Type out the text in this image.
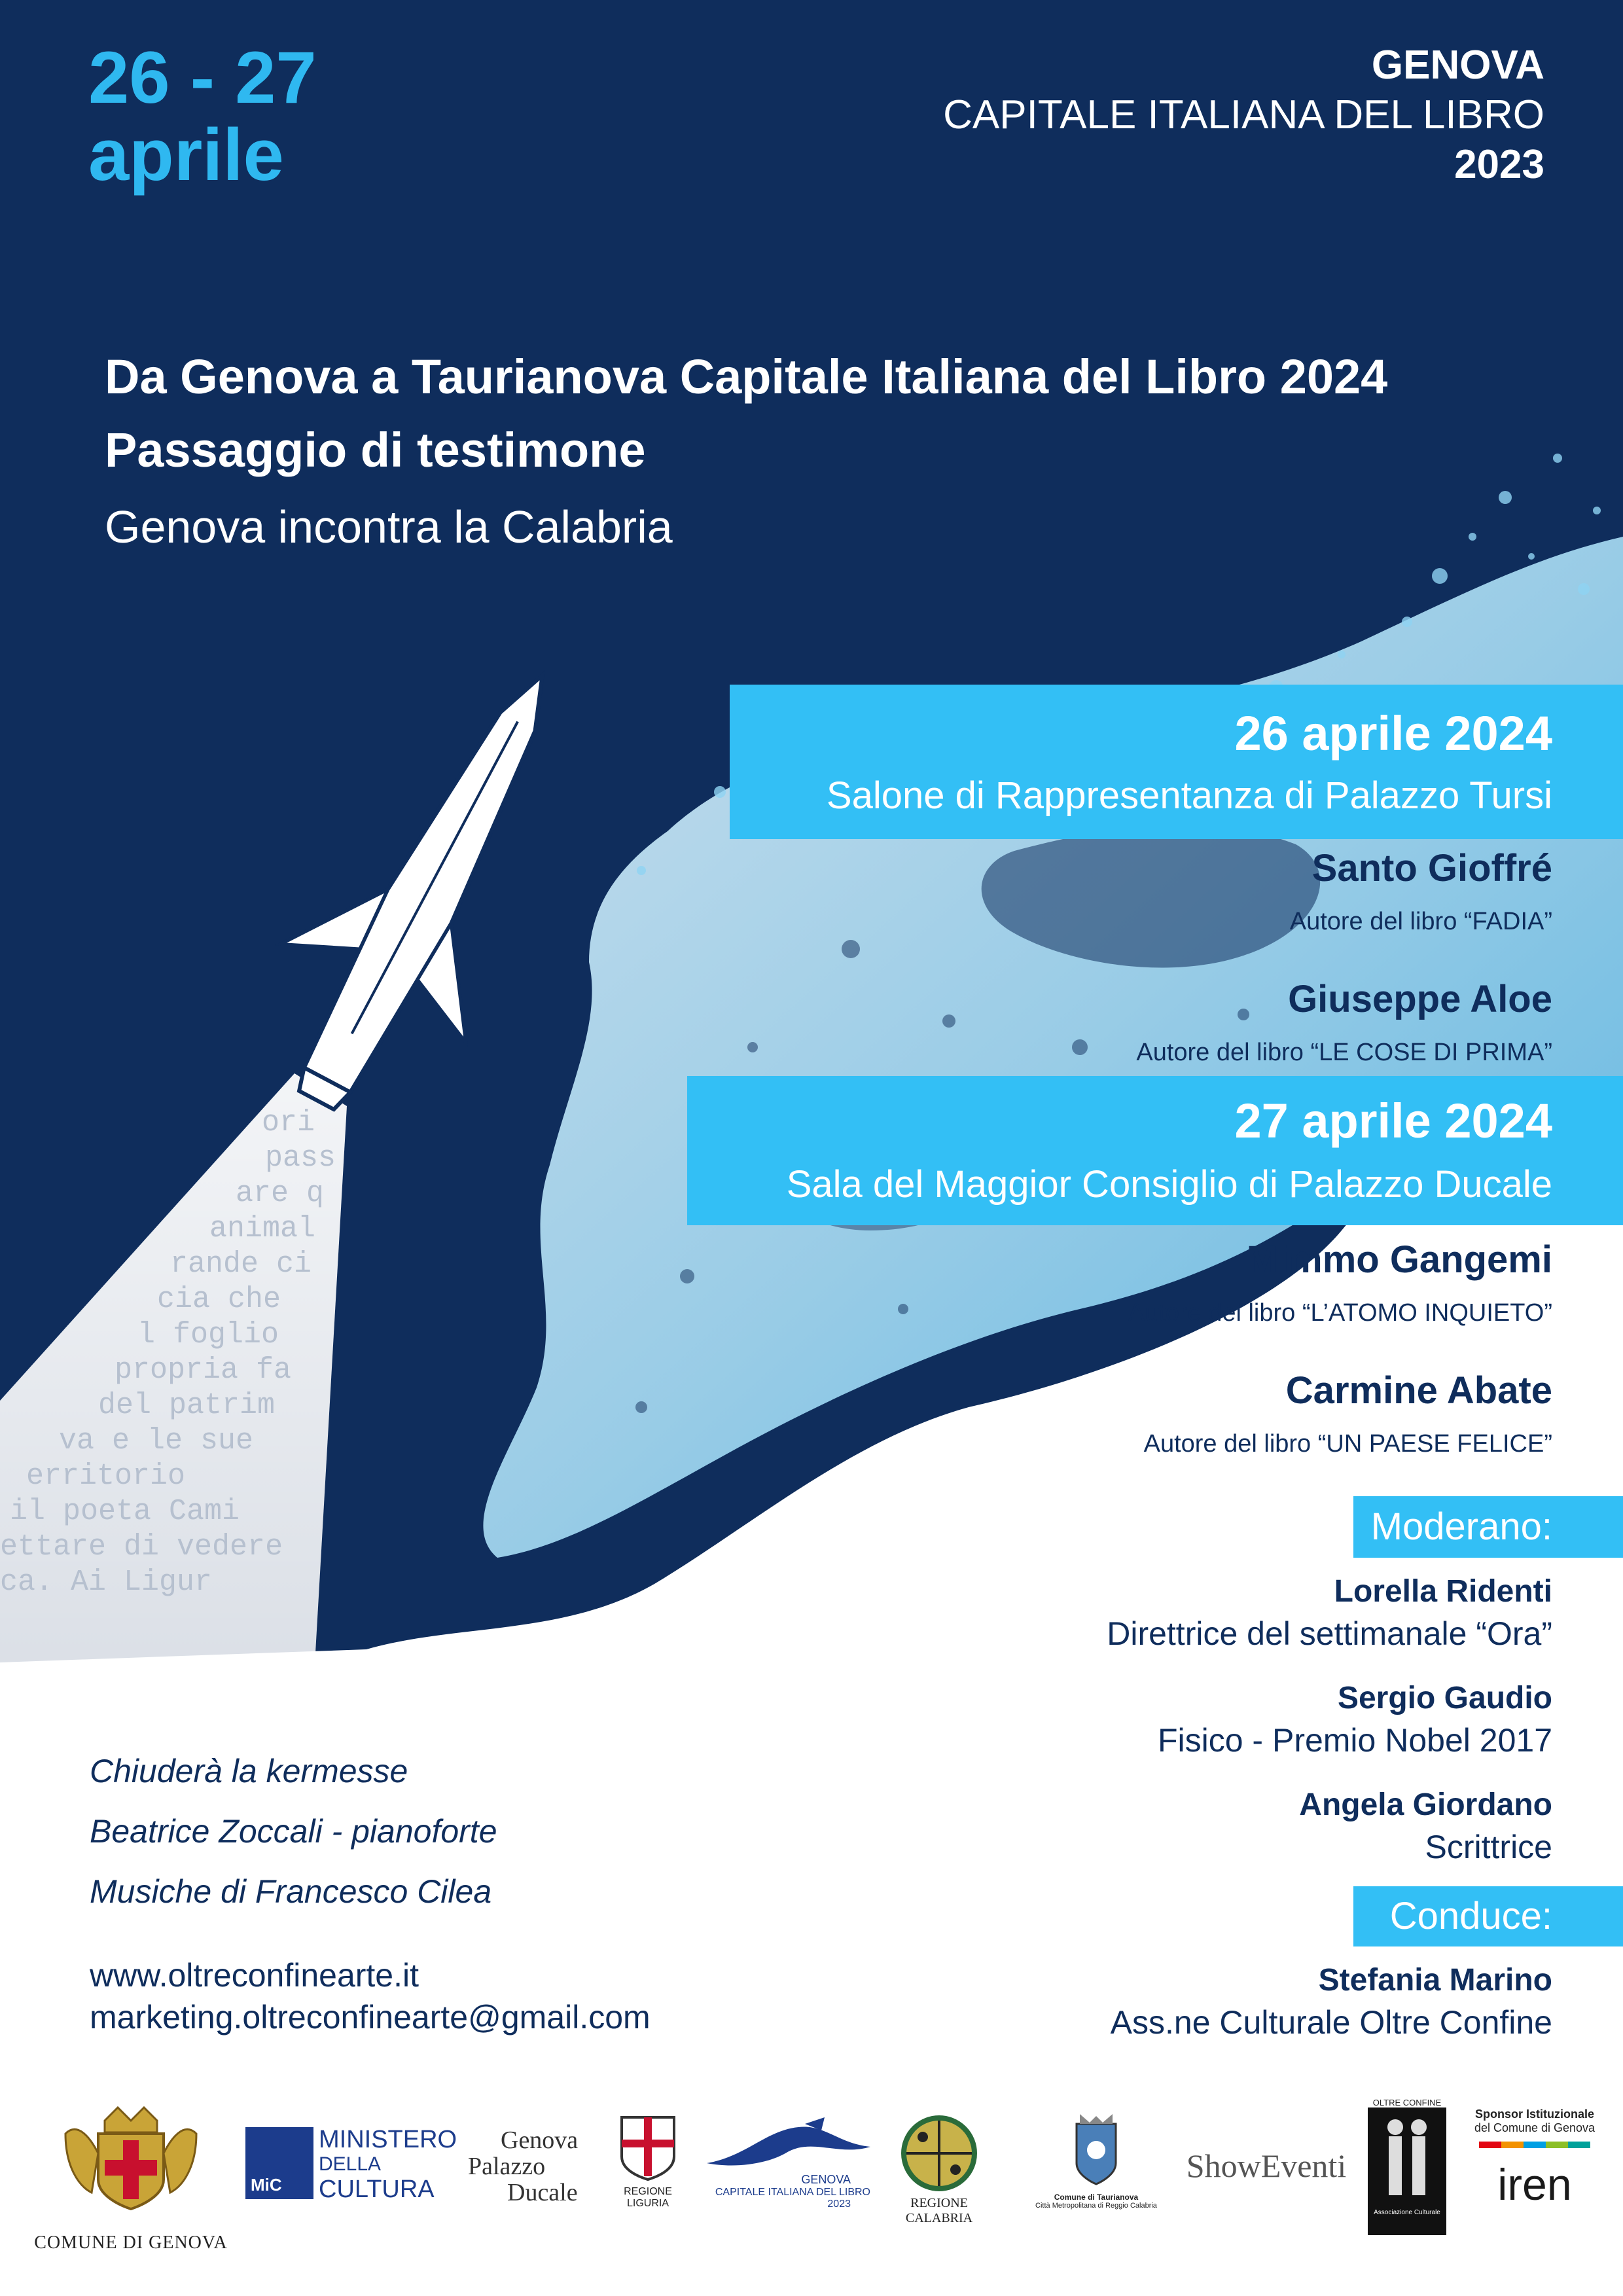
ori
pass
are q
animal
rande ci
cia che
l foglio
propria fa
del patrim
va e le sue
erritorio
il poeta Cami
ettare di vedere
ca. Ai Ligur
26 - 27
aprile
GENOVA
CAPITALE ITALIANA DEL LIBRO
2023
Da Genova a Taurianova Capitale Italiana del Libro 2024
Passaggio di testimone
Genova incontra la Calabria
26 aprile 2024
Salone di Rappresentanza di Palazzo Tursi
Santo Gioffré
Autore del libro “FADIA”
Giuseppe Aloe
Autore del libro “LE COSE DI PRIMA”
27 aprile 2024
Sala del Maggior Consiglio di Palazzo Ducale
Mimmo Gangemi
Autore del libro “L’ATOMO INQUIETO”
Carmine Abate
Autore del libro “UN PAESE FELICE”
Moderano:
Lorella Ridenti
Direttrice del settimanale “Ora”
Sergio Gaudio
Fisico - Premio Nobel 2017
Angela Giordano
Scrittrice
Conduce:
Stefania Marino
Ass.ne Culturale Oltre Confine
Chiuderà la kermesse
Beatrice Zoccali - pianoforte
Musiche di Francesco Cilea
www.oltreconfinearte.it
marketing.oltreconfinearte@gmail.com
COMUNE DI GENOVA
MiC
MINISTERO
DELLA
CULTURA
Genova
Palazzo
Ducale	REGIONE LIGURIA
GENOVA
CAPITALE ITALIANA DEL LIBRO
2023	REGIONE CALABRIA
Comune di Taurianova
Città Metropolitana di Reggio Calabria
ShowEventi
OLTRE CONFINE
Associazione Culturale
Sponsor Istituzionale
del Comune di Genova
iren
